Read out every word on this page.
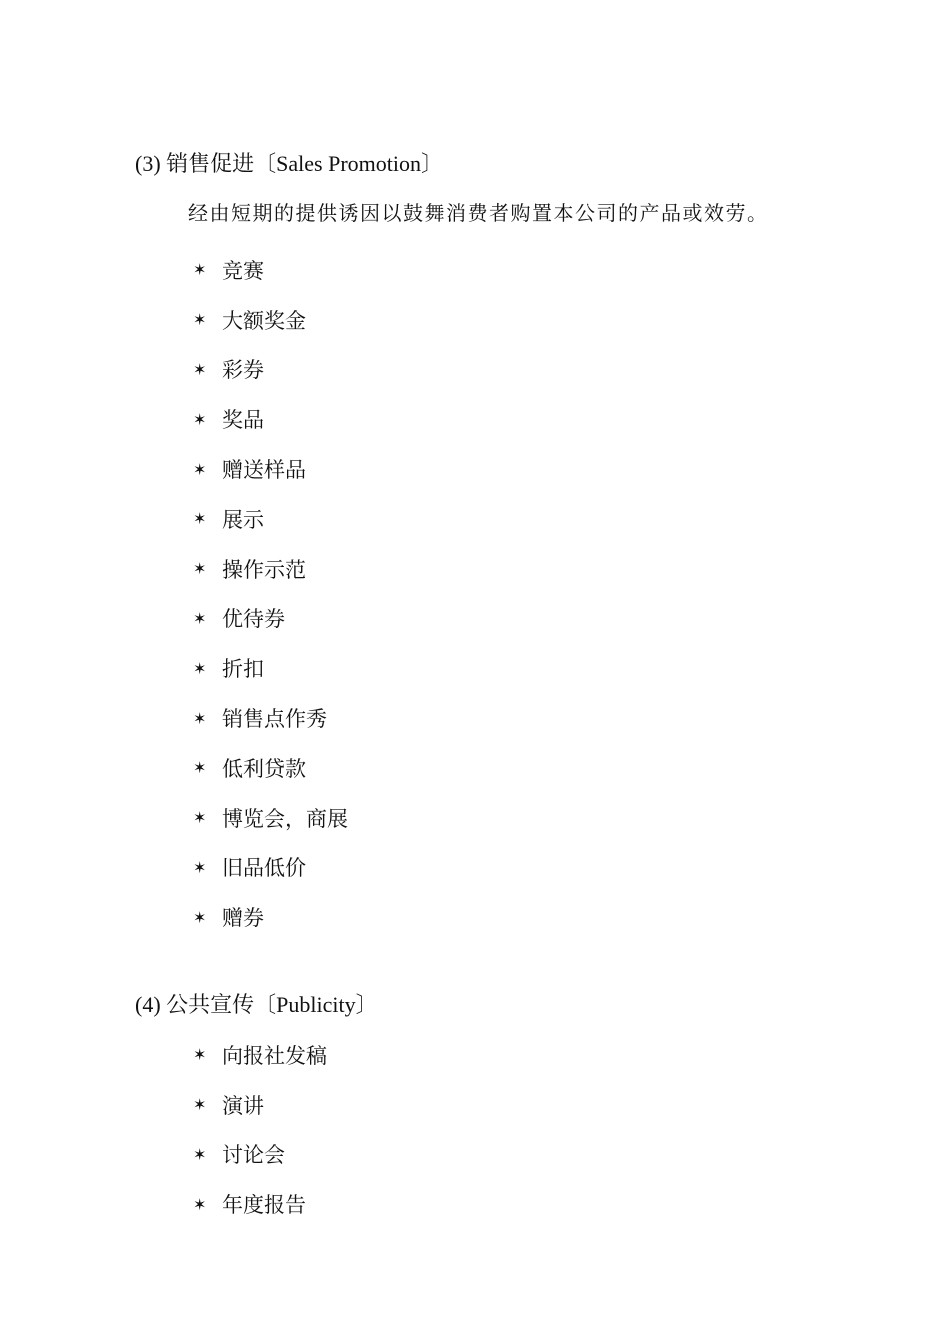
(3) 销售促进〔Sales Promotion〕

经由短期的提供诱因以鼓舞消费者购置本公司的产品或效劳。

✶ 竞赛
✶ 大额奖金
✶ 彩券
✶ 奖品
✶ 赠送样品
✶ 展示
✶ 操作示范
✶ 优待券
✶ 折扣
✶ 销售点作秀
✶ 低利贷款
✶ 博览会，商展
✶ 旧品低价
✶ 赠券
(4) 公共宣传〔Publicity〕
✶ 向报社发稿
✶ 演讲
✶ 讨论会
✶ 年度报告
